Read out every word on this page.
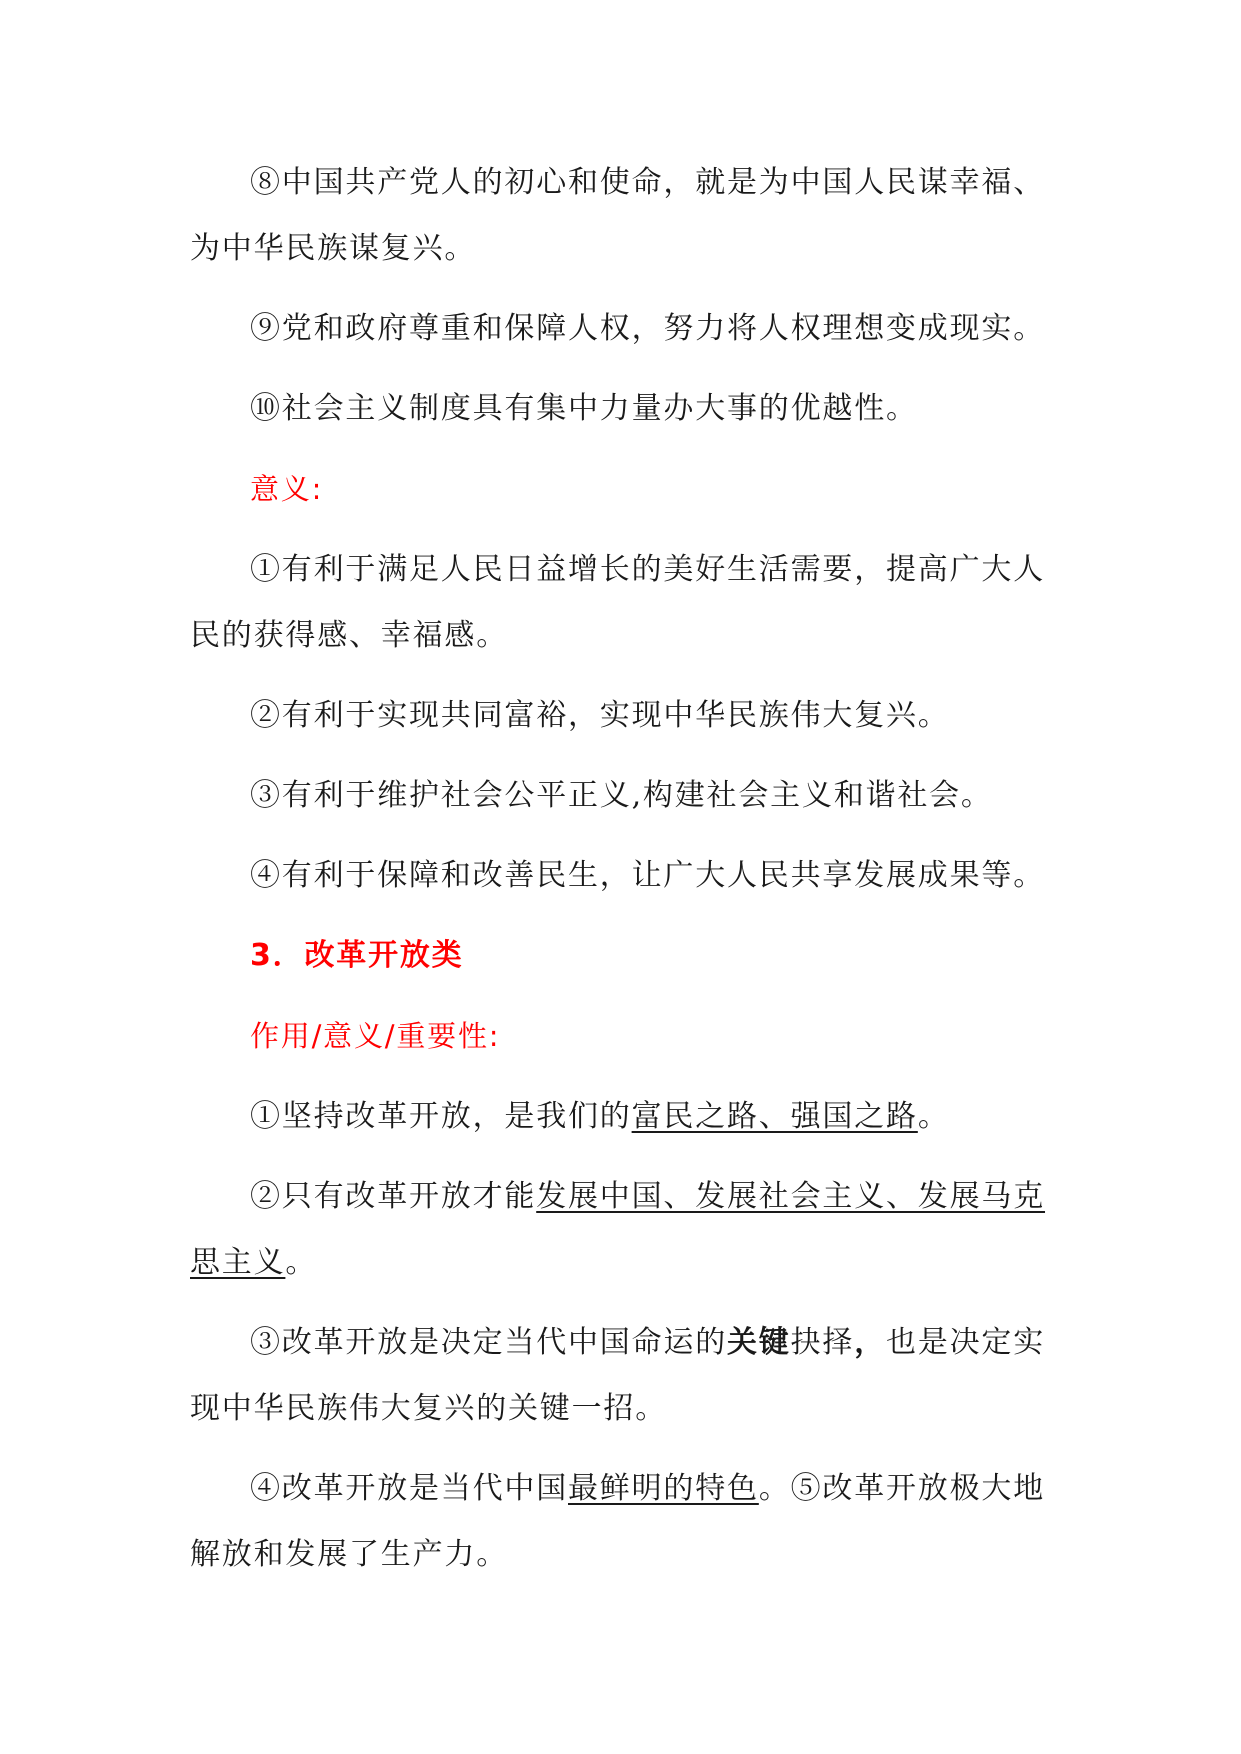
⑧中国共产党人的初心和使命，就是为中国人民谋幸福、为中华民族谋复兴。

⑨党和政府尊重和保障人权，努力将人权理想变成现实。

⑩社会主义制度具有集中力量办大事的优越性。

意义:

①有利于满足人民日益增长的美好生活需要，提高广大人民的获得感、幸福感。

②有利于实现共同富裕，实现中华民族伟大复兴。

③有利于维护社会公平正义,构建社会主义和谐社会。

④有利于保障和改善民生，让广大人民共享发展成果等。

3．改革开放类

作用/意义/重要性:

①坚持改革开放，是我们的富民之路、强国之路。

②只有改革开放才能发展中国、发展社会主义、发展马克思主义。

③改革开放是决定当代中国命运的关键抉择，也是决定实现中华民族伟大复兴的关键一招。

④改革开放是当代中国最鲜明的特色。⑤改革开放极大地解放和发展了生产力。
